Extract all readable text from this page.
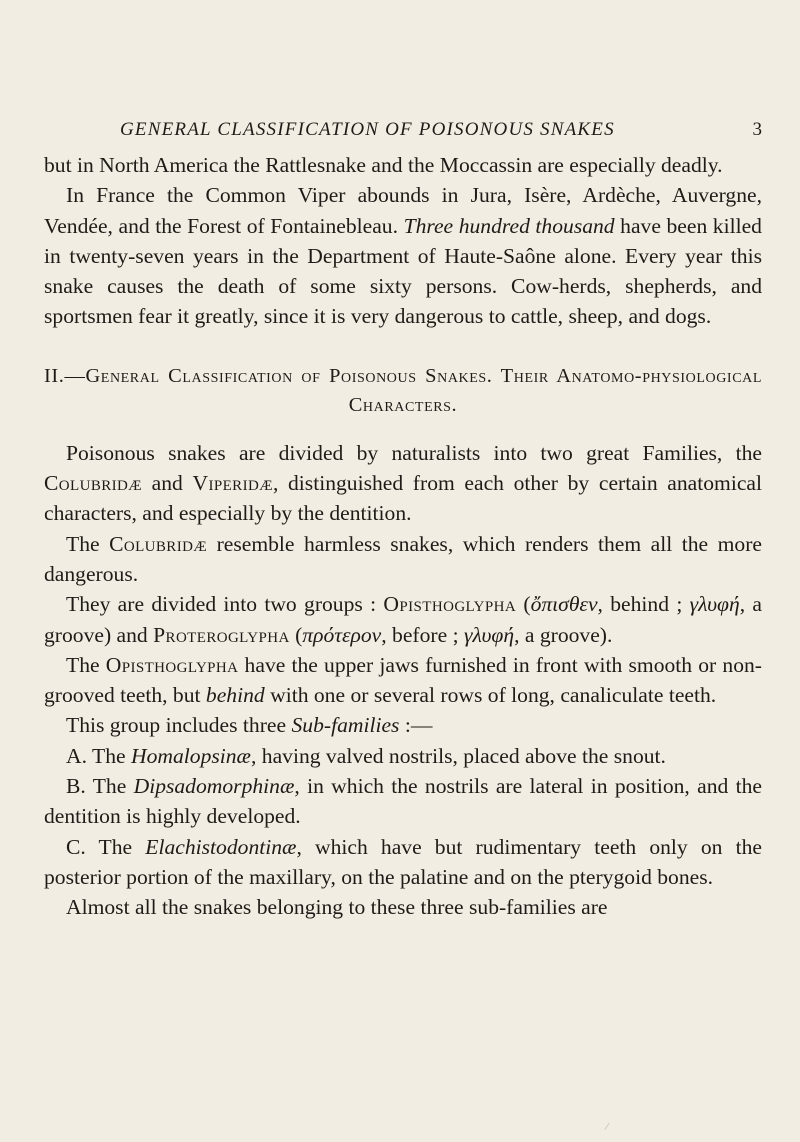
GENERAL CLASSIFICATION OF POISONOUS SNAKES	3

but in North America the Rattlesnake and the Moccassin are especially deadly.

In France the Common Viper abounds in Jura, Isère, Ardèche, Auvergne, Vendée, and the Forest of Fontainebleau. Three hundred thousand have been killed in twenty-seven years in the Department of Haute-Saône alone. Every year this snake causes the death of some sixty persons. Cow-herds, shepherds, and sportsmen fear it greatly, since it is very dangerous to cattle, sheep, and dogs.

II.—General Classification of Poisonous Snakes. Their Anatomo-physiological Characters.

Poisonous snakes are divided by naturalists into two great Families, the Colubridæ and Viperidæ, distinguished from each other by certain anatomical characters, and especially by the dentition.

The Colubridæ resemble harmless snakes, which renders them all the more dangerous.

They are divided into two groups : Opisthoglypha (ὄπισθεν, behind ; γλυφή, a groove) and Proteroglypha (πρότερον, before ; γλυφή, a groove).

The Opisthoglypha have the upper jaws furnished in front with smooth or non-grooved teeth, but behind with one or several rows of long, canaliculate teeth.

This group includes three Sub-families :—

A. The Homalopsinæ, having valved nostrils, placed above the snout.

B. The Dipsadomorphinæ, in which the nostrils are lateral in position, and the dentition is highly developed.

C. The Elachistodontinæ, which have but rudimentary teeth only on the posterior portion of the maxillary, on the palatine and on the pterygoid bones.

Almost all the snakes belonging to these three sub-families are
